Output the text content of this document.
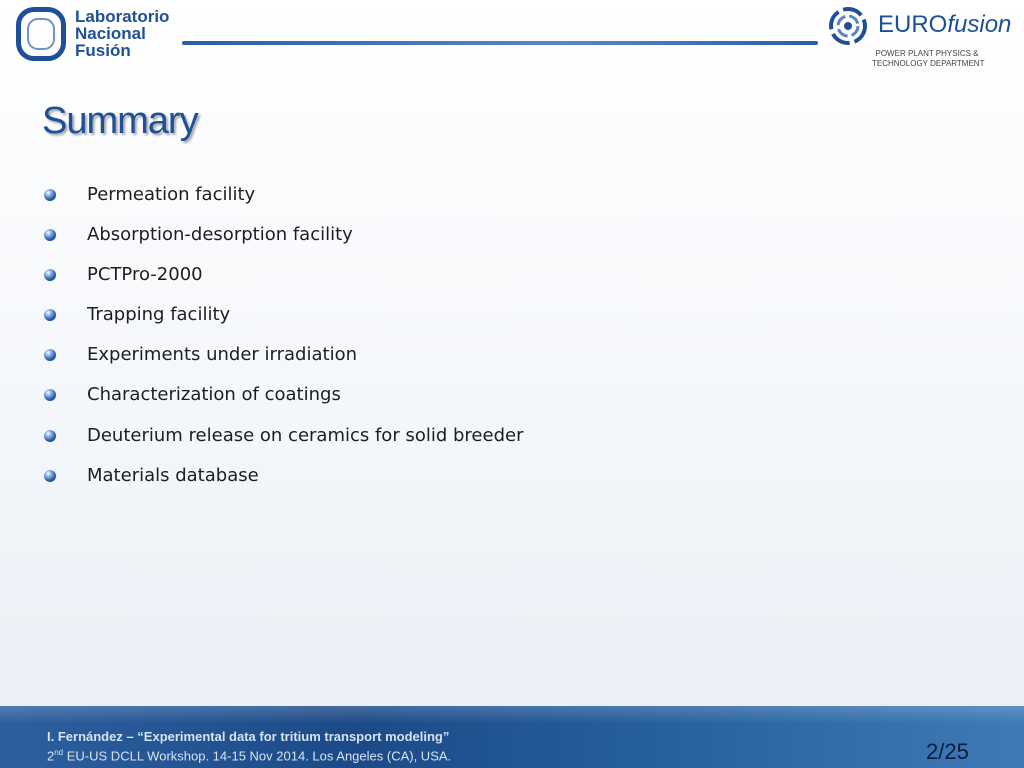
Laboratorio
Nacional
Fusión
EUROfusion
POWER PLANT PHYSICS &
TECHNOLOGY DEPARTMENT
Summary
Permeation facility
Absorption-desorption facility
PCTPro-2000
Trapping facility
Experiments under irradiation
Characterization of coatings
Deuterium release on ceramics for solid breeder
Materials database
I. Fernández – “Experimental data for tritium transport modeling”
2nd EU-US DCLL Workshop. 14-15 Nov 2014. Los Angeles (CA), USA.	2/25
